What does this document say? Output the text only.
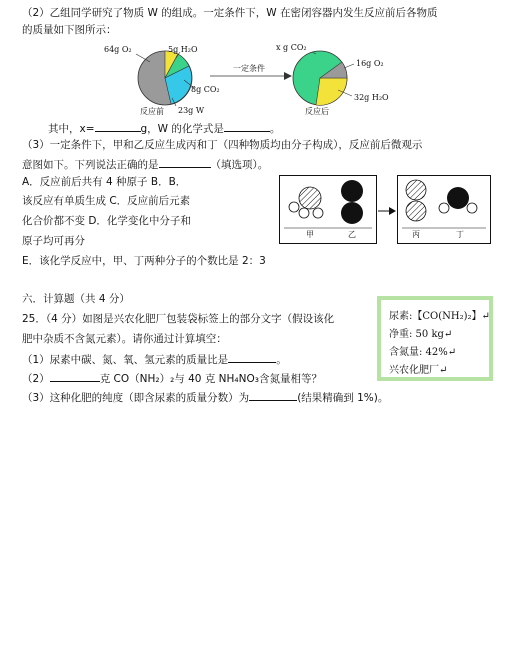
（2）乙组同学研究了物质 W 的组成。一定条件下，W 在密闭容器内发生反应前后各物质
的质量如下图所示：
64g O₂	5g H₂O
8g CO₂
反应前 23g W
一定条件
x g CO₂
16g O₂
32g H₂O
反应后
其中，x=	g，W 的化学式是	。
（3）一定条件下，甲和乙反应生成丙和丁（四种物质均由分子构成），反应前后微观示
意图如下。下列说法正确的是	（填选项）。
A．反应前后共有 4 种原子 B．B．
该反应有单质生成 C．反应前后元素
化合价都不变 D．化学变化中分子和
原子均可再分
E．该化学反应中，甲、丁两种分子的个数比是 2：3
甲	乙	丙	丁
六．计算题（共 4 分）
25．（4 分）如图是兴农化肥厂包装袋标签上的部分文字（假设该化
肥中杂质不含氮元素）。请你通过计算填空：
（1）尿素中碳、氮、氧、氢元素的质量比是	。
（2）	克 CO（NH₂）₂与 40 克 NH₄NO₃含氮量相等？
（3）这种化肥的纯度（即含尿素的质量分数）为	(结果精确到 1%)。
尿素:【CO(NH₂)₂】↵
净重: 50 kg↵
含氮量: 42%↵
兴农化肥厂↵
